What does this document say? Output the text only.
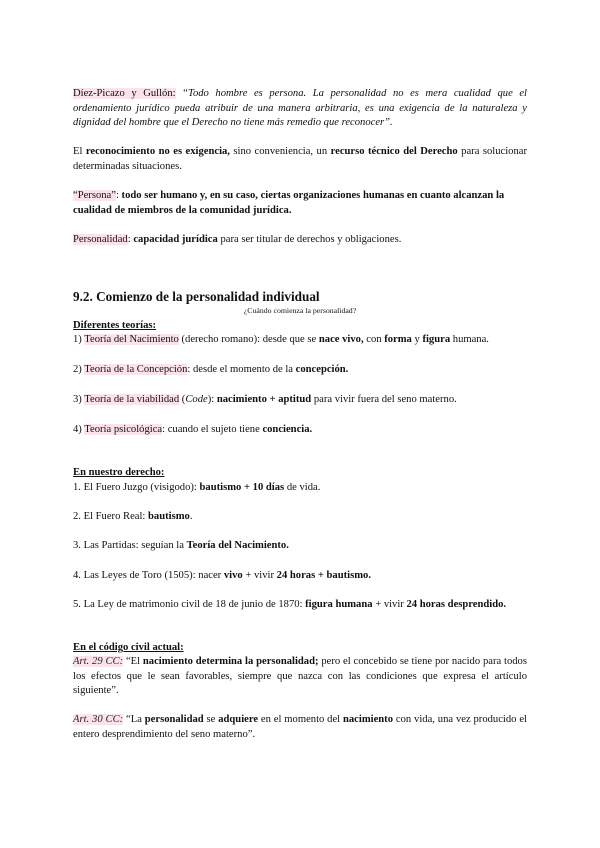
Díez-Picazo y Gullón: “Todo hombre es persona. La personalidad no es mera cualidad que el ordenamiento jurídico pueda atribuir de una manera arbitraria, es una exigencia de la naturaleza y dignidad del hombre que el Derecho no tiene más remedio que reconocer”.
El reconocimiento no es exigencia, sino conveniencia, un recurso técnico del Derecho para solucionar determinadas situaciones.
“Persona”: todo ser humano y, en su caso, ciertas organizaciones humanas en cuanto alcanzan la cualidad de miembros de la comunidad jurídica.
Personalidad: capacidad jurídica para ser titular de derechos y obligaciones.
9.2. Comienzo de la personalidad individual
¿Cuándo comienza la personalidad?
Diferentes teorías:
1) Teoría del Nacimiento (derecho romano): desde que se nace vivo, con forma y figura humana.
2) Teoría de la Concepción: desde el momento de la concepción.
3) Teoría de la viabilidad (Code): nacimiento + aptitud para vivir fuera del seno materno.
4) Teoría psicológica: cuando el sujeto tiene conciencia.
En nuestro derecho:
1. El Fuero Juzgo (visigodo): bautismo + 10 días de vida.
2. El Fuero Real: bautismo.
3. Las Partidas: seguían la Teoría del Nacimiento.
4. Las Leyes de Toro (1505): nacer vivo + vivir 24 horas + bautismo.
5. La Ley de matrimonio civil de 18 de junio de 1870: figura humana + vivir 24 horas desprendido.
En el código civil actual:
Art. 29 CC: “El nacimiento determina la personalidad; pero el concebido se tiene por nacido para todos los efectos que le sean favorables, siempre que nazca con las condiciones que expresa el artículo siguiente”.
Art. 30 CC: “La personalidad se adquiere en el momento del nacimiento con vida, una vez producido el entero desprendimiento del seno materno”.
